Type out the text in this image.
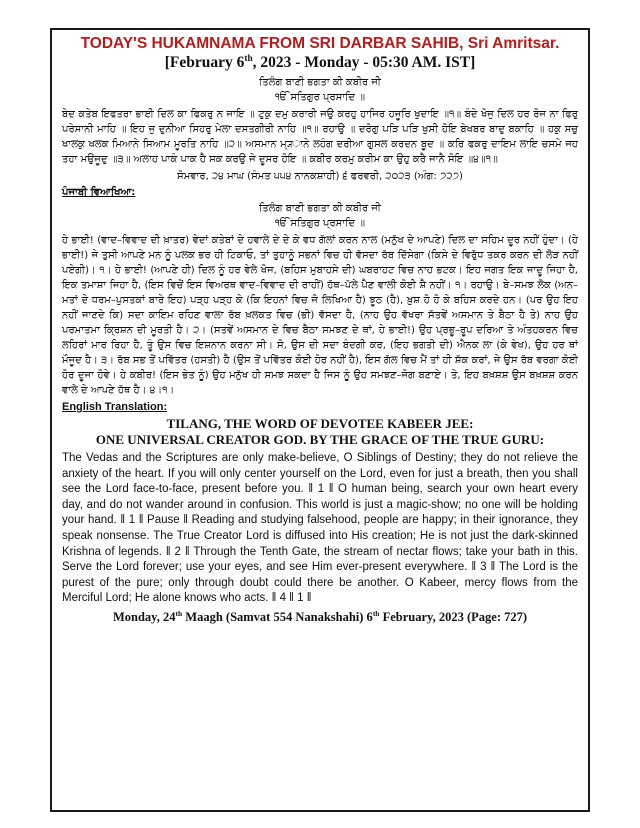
TODAY'S HUKAMNAMA FROM SRI DARBAR SAHIB, Sri Amritsar.
[February 6th, 2023 - Monday - 05:30 AM. IST]
ਤਿਲੰਗ ਬਾਣੀ ਭਗਤਾ ਕੀ ਕਬੀਰ ਜੀ
ੴ ਸਤਿਗੁਰ ਪ੍ਰਸਾਦਿ ॥

ਬੇਦ ਕਤੇਬ ਇਫਤਰਾ ਭਾਈ ਦਿਲ ਕਾ ਫਿਕਰੁ ਨ ਜਾਇ ॥ ਟੁਕੁ ਦਮੁ ਕਰਾਰੀ ਜਉ ਕਰਹੁ ਹਾਜਿਰ ਹਜੂਰਿ ਖੁਦਾਇ ॥੧॥ ਬੰਦੇ ਖੋਜੁ ਦਿਲ ਹਰ ਰੋਜ ਨਾ ਫਿਰੁ ਪਰੇਸਾਨੀ ਮਾਹਿ ॥ ਇਹ ਜੁ ਦੁਨੀਆ ਸਿਹਰੁ ਮੇਲਾ ਦਸਤਗੀਰੀ ਨਾਹਿ ॥੧॥ ਰਹਾਉ ॥ ਦਰੋਗੁ ਪੜਿ ਪੜਿ ਖੁਸੀ ਹੋਇ ਬੇਖਬਰ ਬਾਦੁ ਬਕਾਹਿ ॥ ਹਕੁ ਸਚੁ ਖਾਲਕੁ ਖਲਕ ਮਿਆਨੇ ਸਿਆਮ ਮੂਰਤਿ ਨਾਹਿ ॥੨॥ ਅਸਮਾਨ ਮ੍ਯ੍ਾਨੇ ਲਹੰਗ ਦਰੀਆ ਗੁਸਲ ਕਰਦਨ ਬੂਦ ॥ ਕਰਿ ਫਕਰੁ ਦਾਇਮ ਲਾਇ ਚਸਮੇ ਜਹ ਤਹਾ ਮਉਜੂਦੁ ॥੩॥ ਅਲਾਹ ਪਾਕੰ ਪਾਕ ਹੈ ਸਕ ਕਰਉ ਜੇ ਦੂਸਰ ਹੋਇ ॥ ਕਬੀਰ ਕਰਮੁ ਕਰੀਮ ਕਾ ਉਹੁ ਕਰੈ ਜਾਨੈ ਸੋਇ ॥੪॥੧॥

ਸੋਮਵਾਰ, ੨੪ ਮਾਘ (ਸੰਮਤ ੫੫੪ ਨਾਨਕਸ਼ਾਹੀ) ੬ ਫਰਵਰੀ, ੨੦੨੩ (ਅੰਗ: ੭੨੭)
ਪੰਜਾਬੀ ਵਿਆਖਿਆ:
ਤਿਲੰਗ ਬਾਣੀ ਭਗਤਾ ਕੀ ਕਬੀਰ ਜੀ
ੴ ਸਤਿਗੁਰ ਪ੍ਰਸਾਦਿ ॥

ਹੇ ਭਾਈ! (ਵਾਦ–ਵਿਵਾਦ ਦੀ ਖ਼ਾਤਰ) ਵੇਦਾਂ ਕਤੇਬਾਂ ਦੇ ਹਵਾਲੇ ਦੇ ਦੇ ਕੇ ਵਧ ਗੱਲਾਂ ਕਰਨ ਨਾਲ (ਮਨੁੱਖ ਦੇ ਆਪਣੇ) ਦਿਲ ਦਾ ਸਹਿਮ ਦੂਰ ਨਹੀਂ ਹੁੰਦਾ। (ਹੇ ਭਾਈ!) ਜੇ ਤੁਸੀ ਆਪਣੇ ਮਨ ਨੂੰ ਪਲਕ ਭਰ ਹੀ ਟਿਕਾਓ, ਤਾਂ ਤੁਹਾਨੂੰ ਸਭਨਾਂ ਵਿਚ ਹੀ ਵੱਸਦਾ ਰੱਬ ਦਿੱਸੇਗਾ (ਕਿਸੇ ਦੇ ਵਿਰੁੱਧ ਤਕਰ ਕਰਨ ਦੀ ਲੋੜ ਨਹੀਂ ਪਏਗੀ)। ੧। ਹੇ ਭਾਈ! (ਆਪਣੇ ਹੀ) ਦਿਲ ਨੂੰ ਹਰ ਵੇਲੇ ਖੋਜ, (ਬਹਿਸ ਮੁਬਾਹਸੇ ਦੀ) ਘਬਰਾਹਟ ਵਿਚ ਨਾਹ ਭਟਕ। ਇਹ ਜਗਤ ਇਕ ਜਾਦੂ ਜਿਹਾ ਹੈ, ਇਕ ਤਮਾਸ਼ਾ ਜਿਹਾ ਹੈ, (ਇਸ ਵਿਚੋਂ ਇਸ ਵਿਅਰਥ ਵਾਦ–ਵਿਵਾਦ ਦੀ ਰਾਹੀਂ) ਹੱਥ–ਪੱਲੇ ਪੈਣ ਵਾਲੀ ਕੋਈ ਸ਼ੈ ਨਹੀਂ। ੧। ਰਹਾਉ। ਬੇ–ਸਮਝ ਲੋਕ (ਅਨ–ਮਤਾਂ ਦੇ ਧਰਮ–ਪੁਸਤਕਾਂ ਬਾਰੇ ਇਹ) ਪੜ੍ਹ ਪੜ੍ਹ ਕੇ (ਕਿ ਇਹਨਾਂ ਵਿਚ ਜੋ ਲਿਖਿਆ ਹੈ) ਝੂਠ (ਹੈ), ਖ਼ੁਸ਼ ਹੋ ਹੋ ਕੇ ਬਹਿਸ ਕਰਦੇ ਹਨ। (ਪਰ ਉਹ ਇਹ ਨਹੀਂ ਜਾਣਦੇ ਕਿ) ਸਦਾ ਕਾਇਮ ਰਹਿਣ ਵਾਲਾ ਰੱਬ ਖ਼ਲਕਤ ਵਿਚ (ਭੀ) ਵੱਸਦਾ ਹੈ, (ਨਾਹ ਉਹ ਵੱਖਰਾ ਸੱਤਵੇਂ ਅਸਮਾਨ ਤੇ ਬੈਠਾ ਹੈ ਤੇ) ਨਾਹ ਉਹ ਪਰਮਾਤਮਾ ਕ੍ਰਿਸ਼ਨ ਦੀ ਮੂਰਤੀ ਹੈ। ੨। (ਸਤਵੇਂ ਅਸਮਾਨ ਦੇ ਵਿਚ ਬੈਠਾ ਸਮਝਣ ਦੇ ਥਾਂ, ਹੇ ਭਾਈ!) ਉਹ ਪ੍ਰਭੂ–ਰੂਪ ਦਰਿਆ ਤੇ ਅੰਤਹਕਰਨ ਵਿਚ ਲਹਿਰਾਂ ਮਾਰ ਰਿਹਾ ਹੈ, ਤੂੰ ਉਸ ਵਿਚ ਇਸ਼ਨਾਨ ਕਰਨਾ ਸੀ। ਸੋ, ਉਸ ਦੀ ਸਦਾ ਬੰਦਗੀ ਕਰ, (ਇਹ ਭਗਤੀ ਦੀ) ਐਨਕ ਲਾ (ਕੇ ਵੇਖ), ਉਹ ਹਰ ਥਾਂ ਮੌਜੂਦ ਹੈ। ੩। ਰੱਬ ਸਭ ਤੋਂ ਪਵਿੱਤਰ (ਹਸਤੀ) ਹੈ (ਉਸ ਤੋਂ ਪਵਿੱਤਰ ਕੋਈ ਹੋਰ ਨਹੀਂ ਹੈ), ਇਸ ਗੱਲ ਵਿਚ ਮੈਂ ਤਾਂ ਹੀ ਸ਼ੱਕ ਕਰਾਂ, ਜੇ ਉਸ ਰੱਬ ਵਰਗਾ ਕੋਈ ਹੋਰ ਦੂਜਾ ਹੋਵੇ। ਹੇ ਕਬੀਰ! (ਇਸ ਭੇਤ ਨੂੰ) ਉਹ ਮਨੁੱਖ ਹੀ ਸਮਝ ਸਕਦਾ ਹੈ ਜਿਸ ਨੂੰ ਉਹ ਸਮਝਣ–ਜੋਗ ਬਣਾਏ। ਤੇ, ਇਹ ਬਖ਼ਸ਼ਸ਼ ਉਸ ਬਖ਼ਸ਼ਸ਼ ਕਰਨ ਵਾਲੇ ਦੇ ਆਪਣੇ ਹੱਥ ਹੈ। ੪।੧।

English Translation:
TILANG, THE WORD OF DEVOTEE KABEER JEE:
ONE UNIVERSAL CREATOR GOD. BY THE GRACE OF THE TRUE GURU:

The Vedas and the Scriptures are only make-believe, O Siblings of Destiny; they do not relieve the anxiety of the heart. If you will only center yourself on the Lord, even for just a breath, then you shall see the Lord face-to-face, present before you. ‖ 1 ‖ O human being, search your own heart every day, and do not wander around in confusion. This world is just a magic-show; no one will be holding your hand. ‖ 1 ‖ Pause ‖ Reading and studying falsehood, people are happy; in their ignorance, they speak nonsense. The True Creator Lord is diffused into His creation; He is not just the dark-skinned Krishna of legends. ‖ 2 ‖ Through the Tenth Gate, the stream of nectar flows; take your bath in this. Serve the Lord forever; use your eyes, and see Him ever-present everywhere. ‖ 3 ‖ The Lord is the purest of the pure; only through doubt could there be another. O Kabeer, mercy flows from the Merciful Lord; He alone knows who acts. ‖ 4 ‖ 1 ‖

Monday, 24th Maagh (Samvat 554 Nanakshahi) 6th February, 2023 (Page: 727)
